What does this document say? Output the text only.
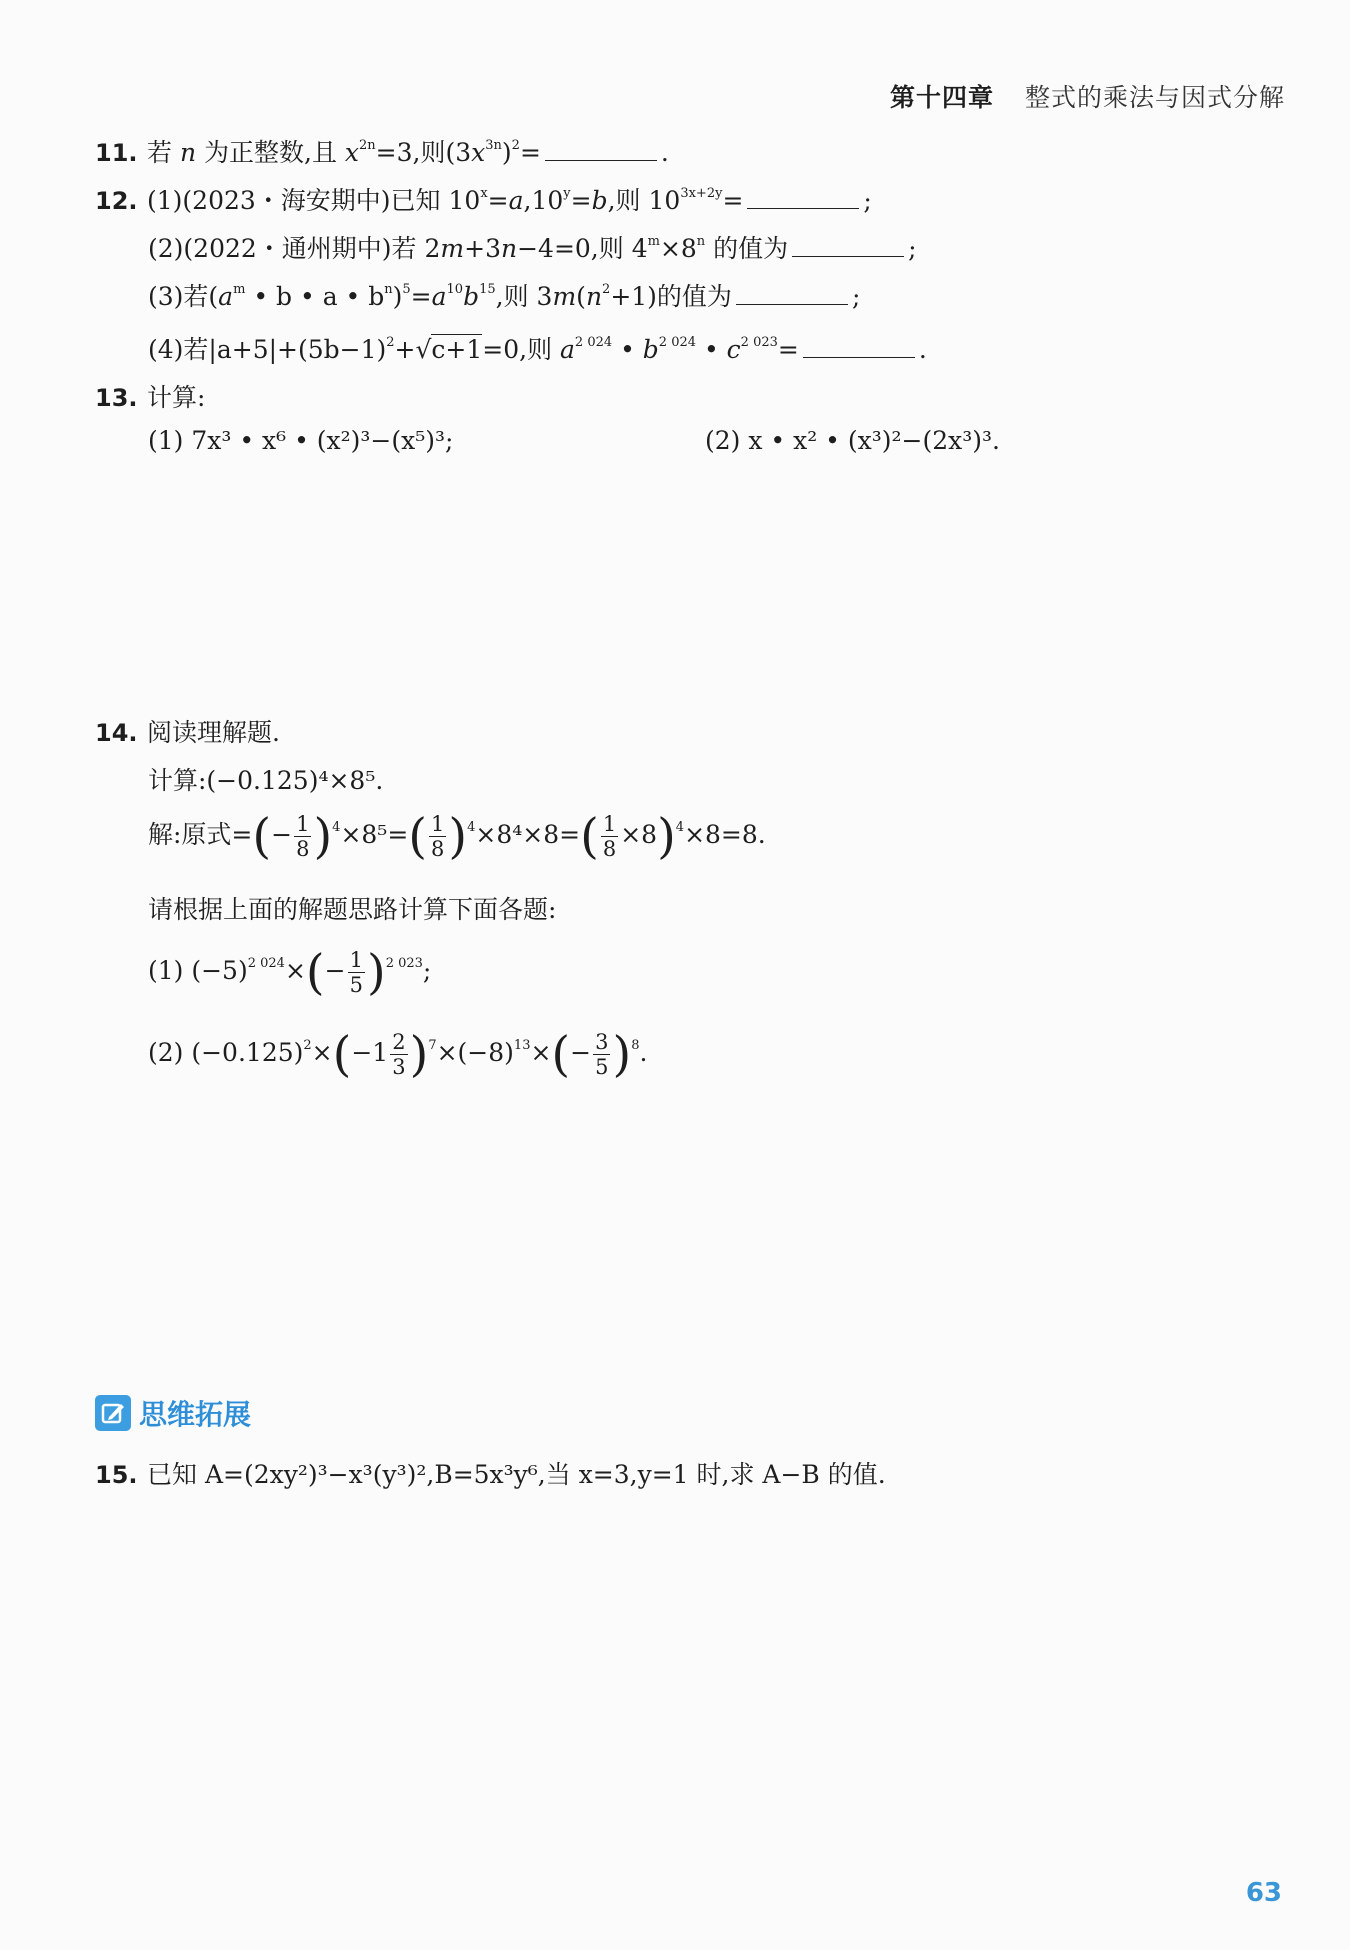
第十四章 整式的乘法与因式分解
11. 若 n 为正整数,且 $x^{2n}=3$,则$(3x^{3n})^2=$	.
12. (1)(2023・海安期中)已知 $10^x=a,10^y=b$,则 $10^{3x+2y}=$	;
(2)(2022・通州期中)若 2m+3n−4=0,则 $4^m\times 8^n$ 的值为	;
(3)若($a^m$ • b • a • $b^n)^5=a^{10}b^{15}$,则 $3m(n^2+1)$的值为	;
(4)若$|a+5|+(5b-1)^2+√c+1=0$,则 $a^{2 024}$ • $b^{2 024}$ • $c^{2 023}=$	.
13. 计算:
(1) 7x³ • x⁶ • (x²)³−(x⁵)³;	(2) x • x² • (x³)²−(2x³)³.
14. 阅读理解题.
计算:(−0.125)⁴×8⁵.
解:原式=(− $\frac{1}{8} )^4\times 8^5=( \frac{1}{8} )^4\times 8^4\times 8=( \frac{1}{8} \times 8)^4\times 8=8$.
请根据上面的解题思路计算下面各题:
(1) $(-5)^{2 024}\times(- \frac{1}{5} )^{2 023}$;
(2) $(-0.125)^2\times(-1 \frac{2}{3} )^7\times(-8)^{13}\times(- \frac{3}{5} )^8$.
思维拓展
15. 已知 A=(2xy²)³−x³(y³)²,B=5x³y⁶,当 x=3,y=1 时,求 A−B 的值.
63
